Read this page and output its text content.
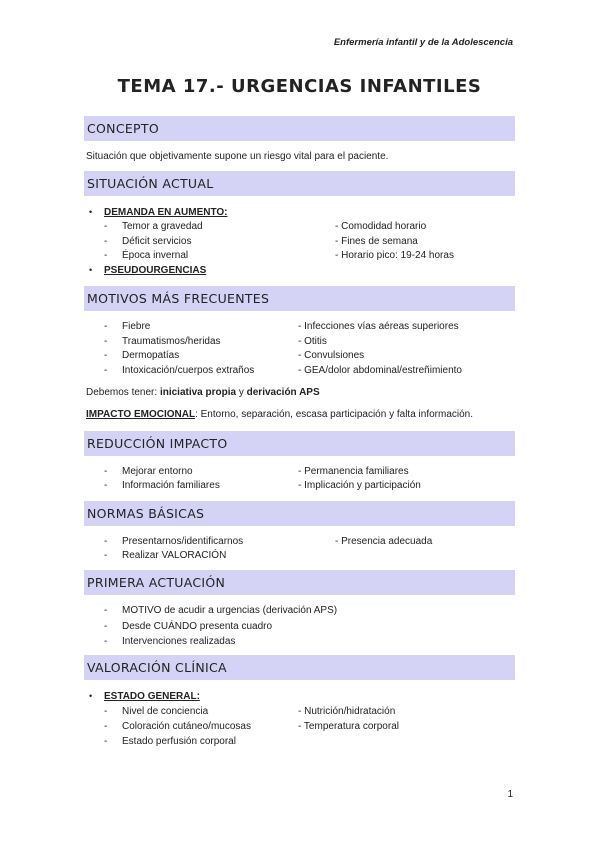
Enfermería infantil y de la Adolescencia
TEMA 17.- URGENCIAS INFANTILES
CONCEPTO
Situación que objetivamente supone un riesgo vital para el paciente.
SITUACIÓN ACTUAL
• DEMANDA EN AUMENTO:
- Temor a gravedad	- Comodidad horario
- Déficit servicios	- Fines de semana
- Época invernal	- Horario pico: 19-24 horas
• PSEUDOURGENCIAS
MOTIVOS MÁS FRECUENTES
- Fiebre	- Infecciones vías aéreas superiores
- Traumatismos/heridas	- Otitis
- Dermopatías	- Convulsiones
- Intoxicación/cuerpos extraños	- GEA/dolor abdominal/estreñimiento
Debemos tener: iniciativa propia y derivación APS
IMPACTO EMOCIONAL: Entorno, separación, escasa participación y falta información.
REDUCCIÓN IMPACTO
- Mejorar entorno	- Permanencia familiares
- Información familiares	- Implicación y participación
NORMAS BÁSICAS
- Presentarnos/identificarnos	- Presencia adecuada
- Realizar VALORACIÓN
PRIMERA ACTUACIÓN
- MOTIVO de acudir a urgencias (derivación APS)
- Desde CUÁNDO presenta cuadro
- Intervenciones realizadas
VALORACIÓN CLÍNICA
• ESTADO GENERAL:
- Nivel de conciencia	- Nutrición/hidratación
- Coloración cutáneo/mucosas	- Temperatura corporal
- Estado perfusión corporal
1
